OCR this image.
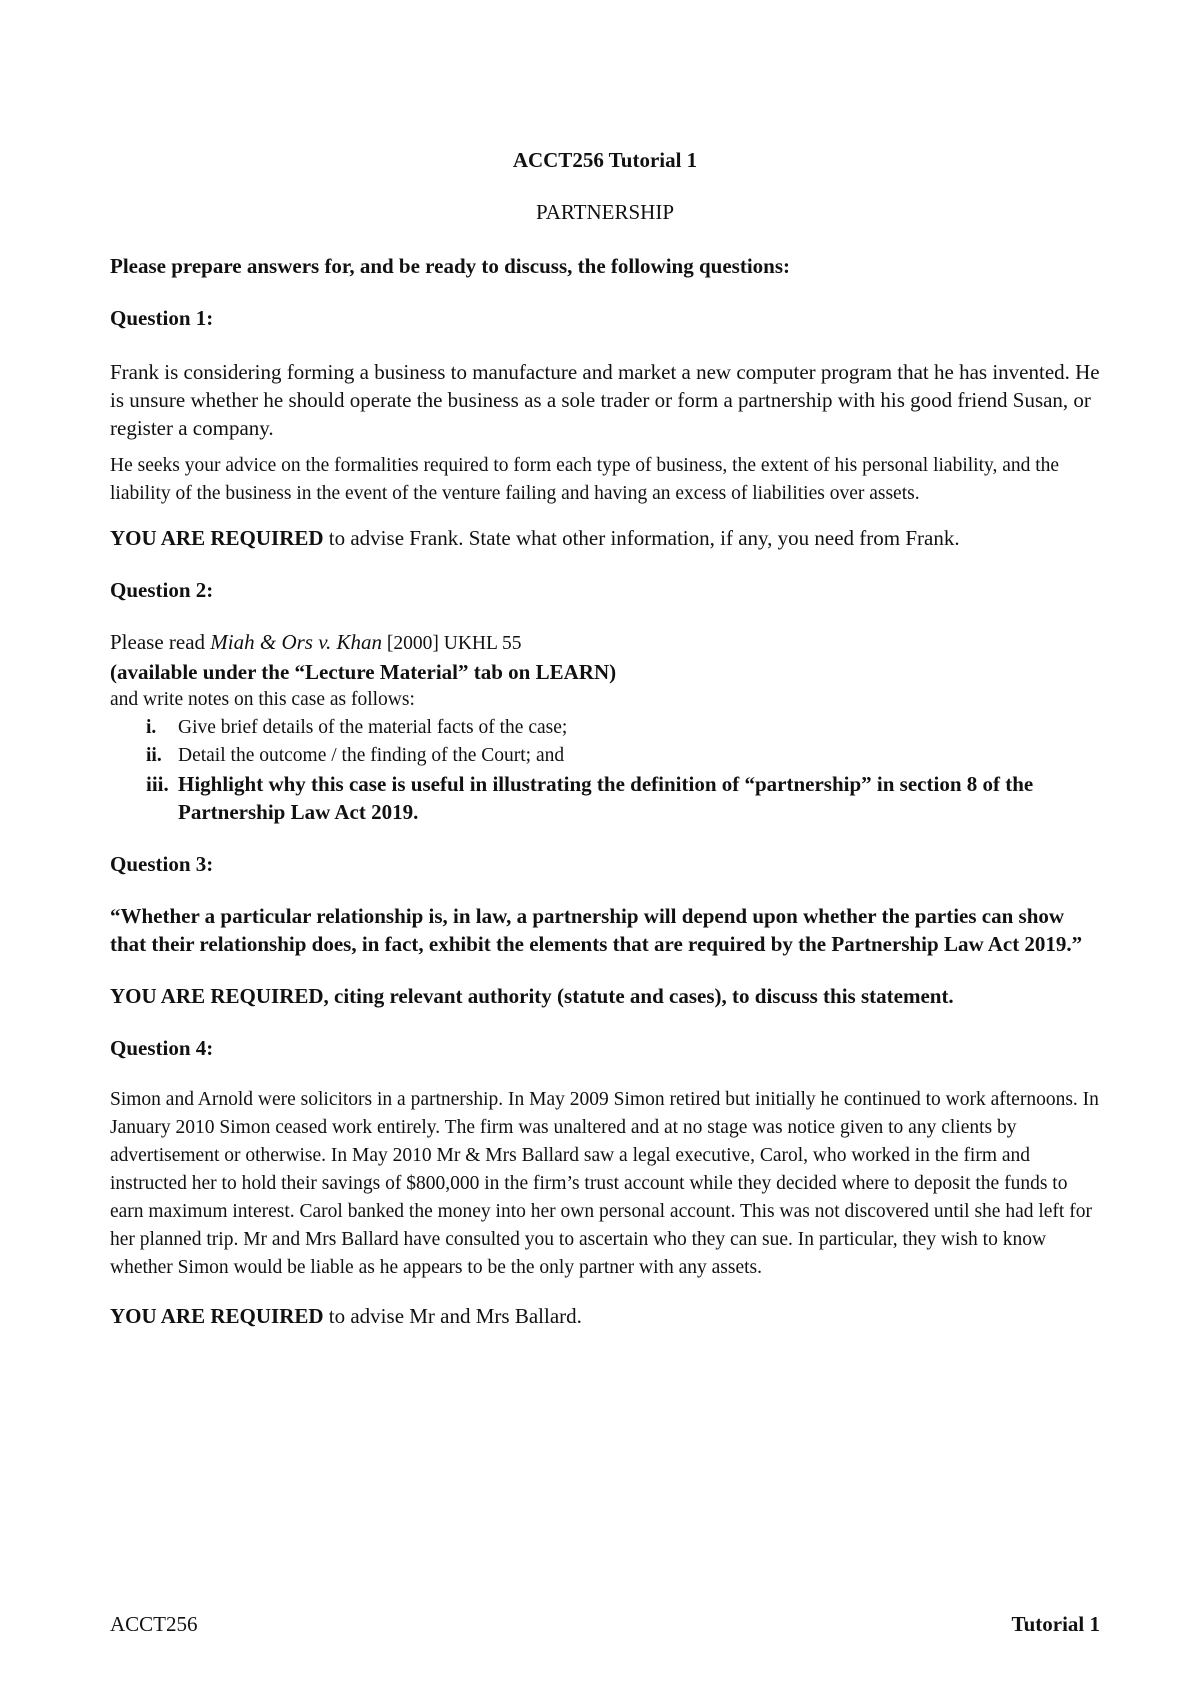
ACCT256 Tutorial 1

PARTNERSHIP

Please prepare answers for, and be ready to discuss, the following questions:

Question 1:

Frank is considering forming a business to manufacture and market a new computer program that he has invented. He is unsure whether he should operate the business as a sole trader or form a partnership with his good friend Susan, or register a company.

He seeks your advice on the formalities required to form each type of business, the extent of his personal liability, and the liability of the business in the event of the venture failing and having an excess of liabilities over assets.

YOU ARE REQUIRED to advise Frank. State what other information, if any, you need from Frank.

Question 2:

Please read Miah & Ors v. Khan [2000] UKHL 55

(available under the “Lecture Material” tab on LEARN)

and write notes on this case as follows:

i. Give brief details of the material facts of the case;
ii. Detail the outcome / the finding of the Court; and
iii. Highlight why this case is useful in illustrating the definition of “partnership” in section 8 of the Partnership Law Act 2019.

Question 3:

“Whether a particular relationship is, in law, a partnership will depend upon whether the parties can show that their relationship does, in fact, exhibit the elements that are required by the Partnership Law Act 2019.”

YOU ARE REQUIRED, citing relevant authority (statute and cases), to discuss this statement.

Question 4:

Simon and Arnold were solicitors in a partnership. In May 2009 Simon retired but initially he continued to work afternoons. In January 2010 Simon ceased work entirely. The firm was unaltered and at no stage was notice given to any clients by advertisement or otherwise. In May 2010 Mr & Mrs Ballard saw a legal executive, Carol, who worked in the firm and instructed her to hold their savings of $800,000 in the firm’s trust account while they decided where to deposit the funds to earn maximum interest. Carol banked the money into her own personal account. This was not discovered until she had left for her planned trip. Mr and Mrs Ballard have consulted you to ascertain who they can sue. In particular, they wish to know whether Simon would be liable as he appears to be the only partner with any assets.

YOU ARE REQUIRED to advise Mr and Mrs Ballard.

ACCT256	Tutorial 1
